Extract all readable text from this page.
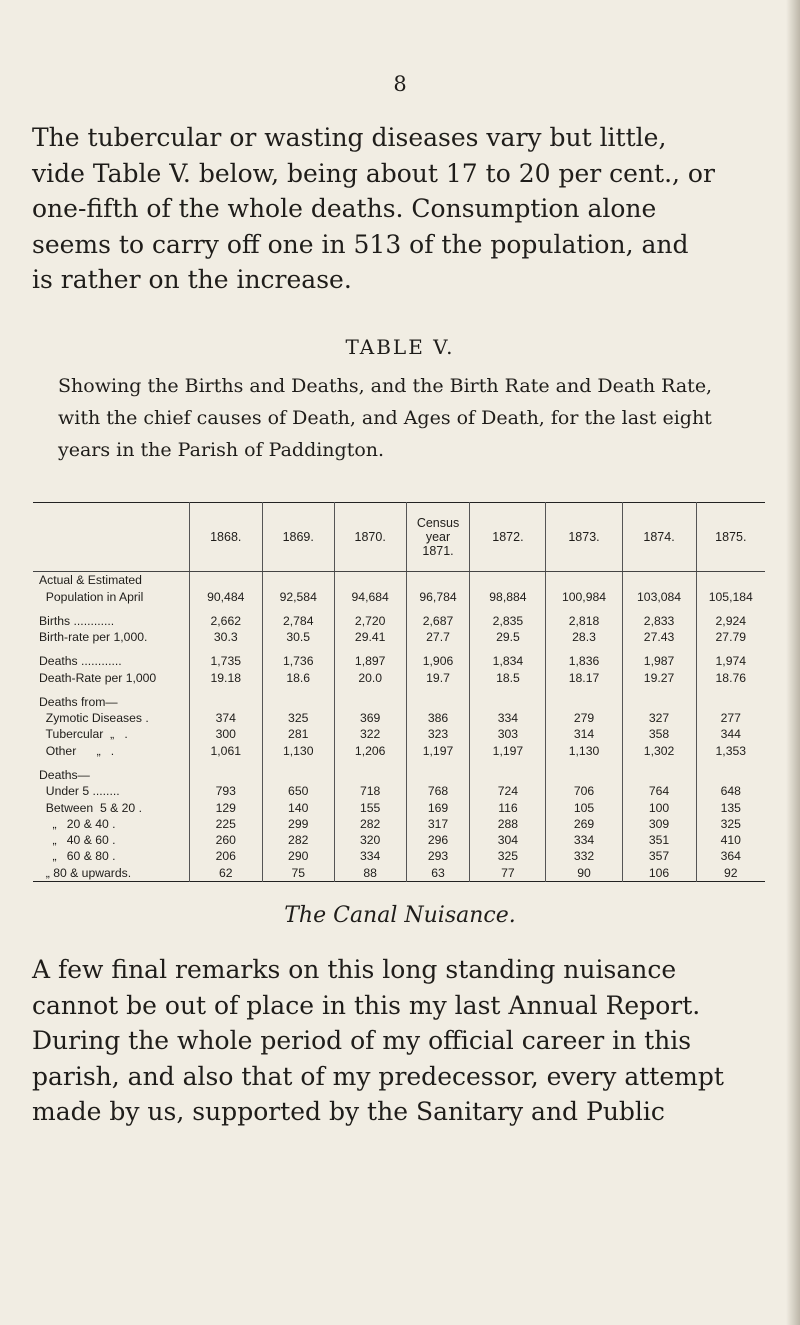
8

The tubercular or wasting diseases vary but little,

vide Table V. below, being about 17 to 20 per cent., or

one-fifth of the whole deaths. Consumption alone

seems to carry off one in 513 of the population, and

is rather on the increase.

TABLE V.

Showing the Births and Deaths, and the Birth Rate and Death Rate, with the chief causes of Death, and Ages of Death, for the last eight years in the Parish of Paddington.

	1868.	1869.	1870.	Census year 1871.	1872.	1873.	1874.	1875.
Actual & Estimated								
Population in April	90,484	92,584	94,684	96,784	98,884	100,984	103,084	105,184

Births ............	2,662	2,784	2,720	2,687	2,835	2,818	2,833	2,924
Birth-rate per 1,000.	30.3	30.5	29.41	27.7	29.5	28.3	27.43	27.79

Deaths ............	1,735	1,736	1,897	1,906	1,834	1,836	1,987	1,974
Death-Rate per 1,000	19.18	18.6	20.0	19.7	18.5	18.17	19.27	18.76

Deaths from—								
Zymotic Diseases .	374	325	369	386	334	279	327	277
Tubercular  „   .	300	281	322	323	303	314	358	344
Other      „   .	1,061	1,130	1,206	1,197	1,197	1,130	1,302	1,353

Deaths—								
Under 5 ........	793	650	718	768	724	706	764	648
Between  5 & 20 .	129	140	155	169	116	105	100	135
„   20 & 40 .	225	299	282	317	288	269	309	325
„   40 & 60 .	260	282	320	296	304	334	351	410
„   60 & 80 .	206	290	334	293	325	332	357	364
„ 80 & upwards.	62	75	88	63	77	90	106	92
The Canal Nuisance.

A few final remarks on this long standing nuisance

cannot be out of place in this my last Annual Report.

During the whole period of my official career in this

parish, and also that of my predecessor, every attempt

made by us, supported by the Sanitary and Public
